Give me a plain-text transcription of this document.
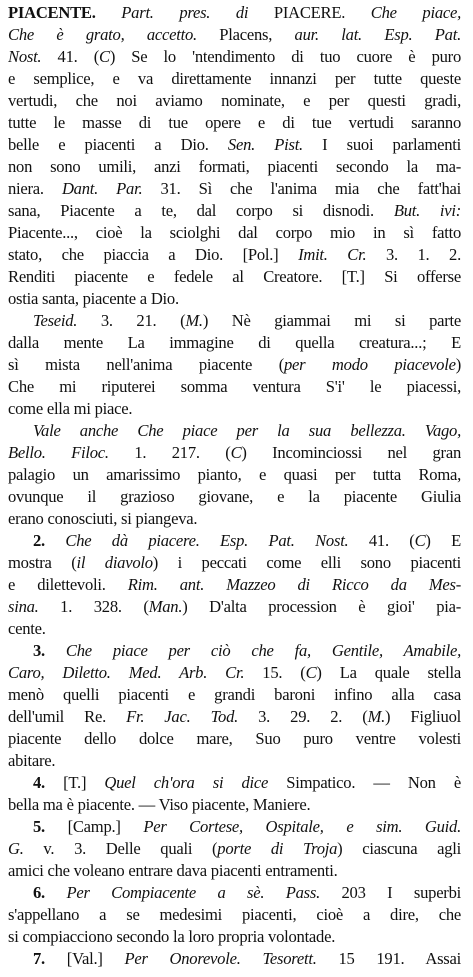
PIACENTE. Part. pres. di PIACERE. Che piace,
Che è grato, accetto. Placens, aur. lat. Esp. Pat.
Nost. 41. (C) Se lo 'ntendimento di tuo cuore è puro
e semplice, e va direttamente innanzi per tutte queste
vertudi, che noi aviamo nominate, e per questi gradi,
tutte le masse di tue opere e di tue vertudi saranno
belle e piacenti a Dio. Sen. Pist. I suoi parlamenti
non sono umili, anzi formati, piacenti secondo la ma-
niera. Dant. Par. 31. Sì che l'anima mia che fatt'hai
sana, Piacente a te, dal corpo si disnodi. But. ivi:
Piacente..., cioè la sciolghi dal corpo mio in sì fatto
stato, che piaccia a Dio. [Pol.] Imit. Cr. 3. 1. 2.
Renditi piacente e fedele al Creatore. [T.] Si offerse
ostia santa, piacente a Dio.
Teseid. 3. 21. (M.) Nè giammai mi si parte
dalla mente La immagine di quella creatura...; E
sì mista nell'anima piacente (per modo piacevole)
Che mi riputerei somma ventura S'i' le piacessi,
come ella mi piace.
Vale anche Che piace per la sua bellezza. Vago,
Bello. Filoc. 1. 217. (C) Incominciossi nel gran
palagio un amarissimo pianto, e quasi per tutta Roma,
ovunque il grazioso giovane, e la piacente Giulia
erano conosciuti, si piangeva.
2. Che dà piacere. Esp. Pat. Nost. 41. (C) E
mostra (il diavolo) i peccati come elli sono piacenti
e dilettevoli. Rim. ant. Mazzeo di Ricco da Mes-
sina. 1. 328. (Man.) D'alta procession è gioi' pia-
cente.
3. Che piace per ciò che fa, Gentile, Amabile,
Caro, Diletto. Med. Arb. Cr. 15. (C) La quale stella
menò quelli piacenti e grandi baroni infino alla casa
dell'umil Re. Fr. Jac. Tod. 3. 29. 2. (M.) Figliuol
piacente dello dolce mare, Suo puro ventre volesti
abitare.
4. [T.] Quel ch'ora si dice Simpatico. — Non è
bella ma è piacente. — Viso piacente, Maniere.
5. [Camp.] Per Cortese, Ospitale, e sim. Guid.
G. v. 3. Delle quali (porte di Troja) ciascuna agli
amici che voleano entrare dava piacenti entramenti.
6. Per Compiacente a sè. Pass. 203 I superbi
s'appellano a se medesimi piacenti, cioè a dire, che
si compiacciono secondo la loro propria volontade.
7. [Val.] Per Onorevole. Tesorett. 15 191. Assai
